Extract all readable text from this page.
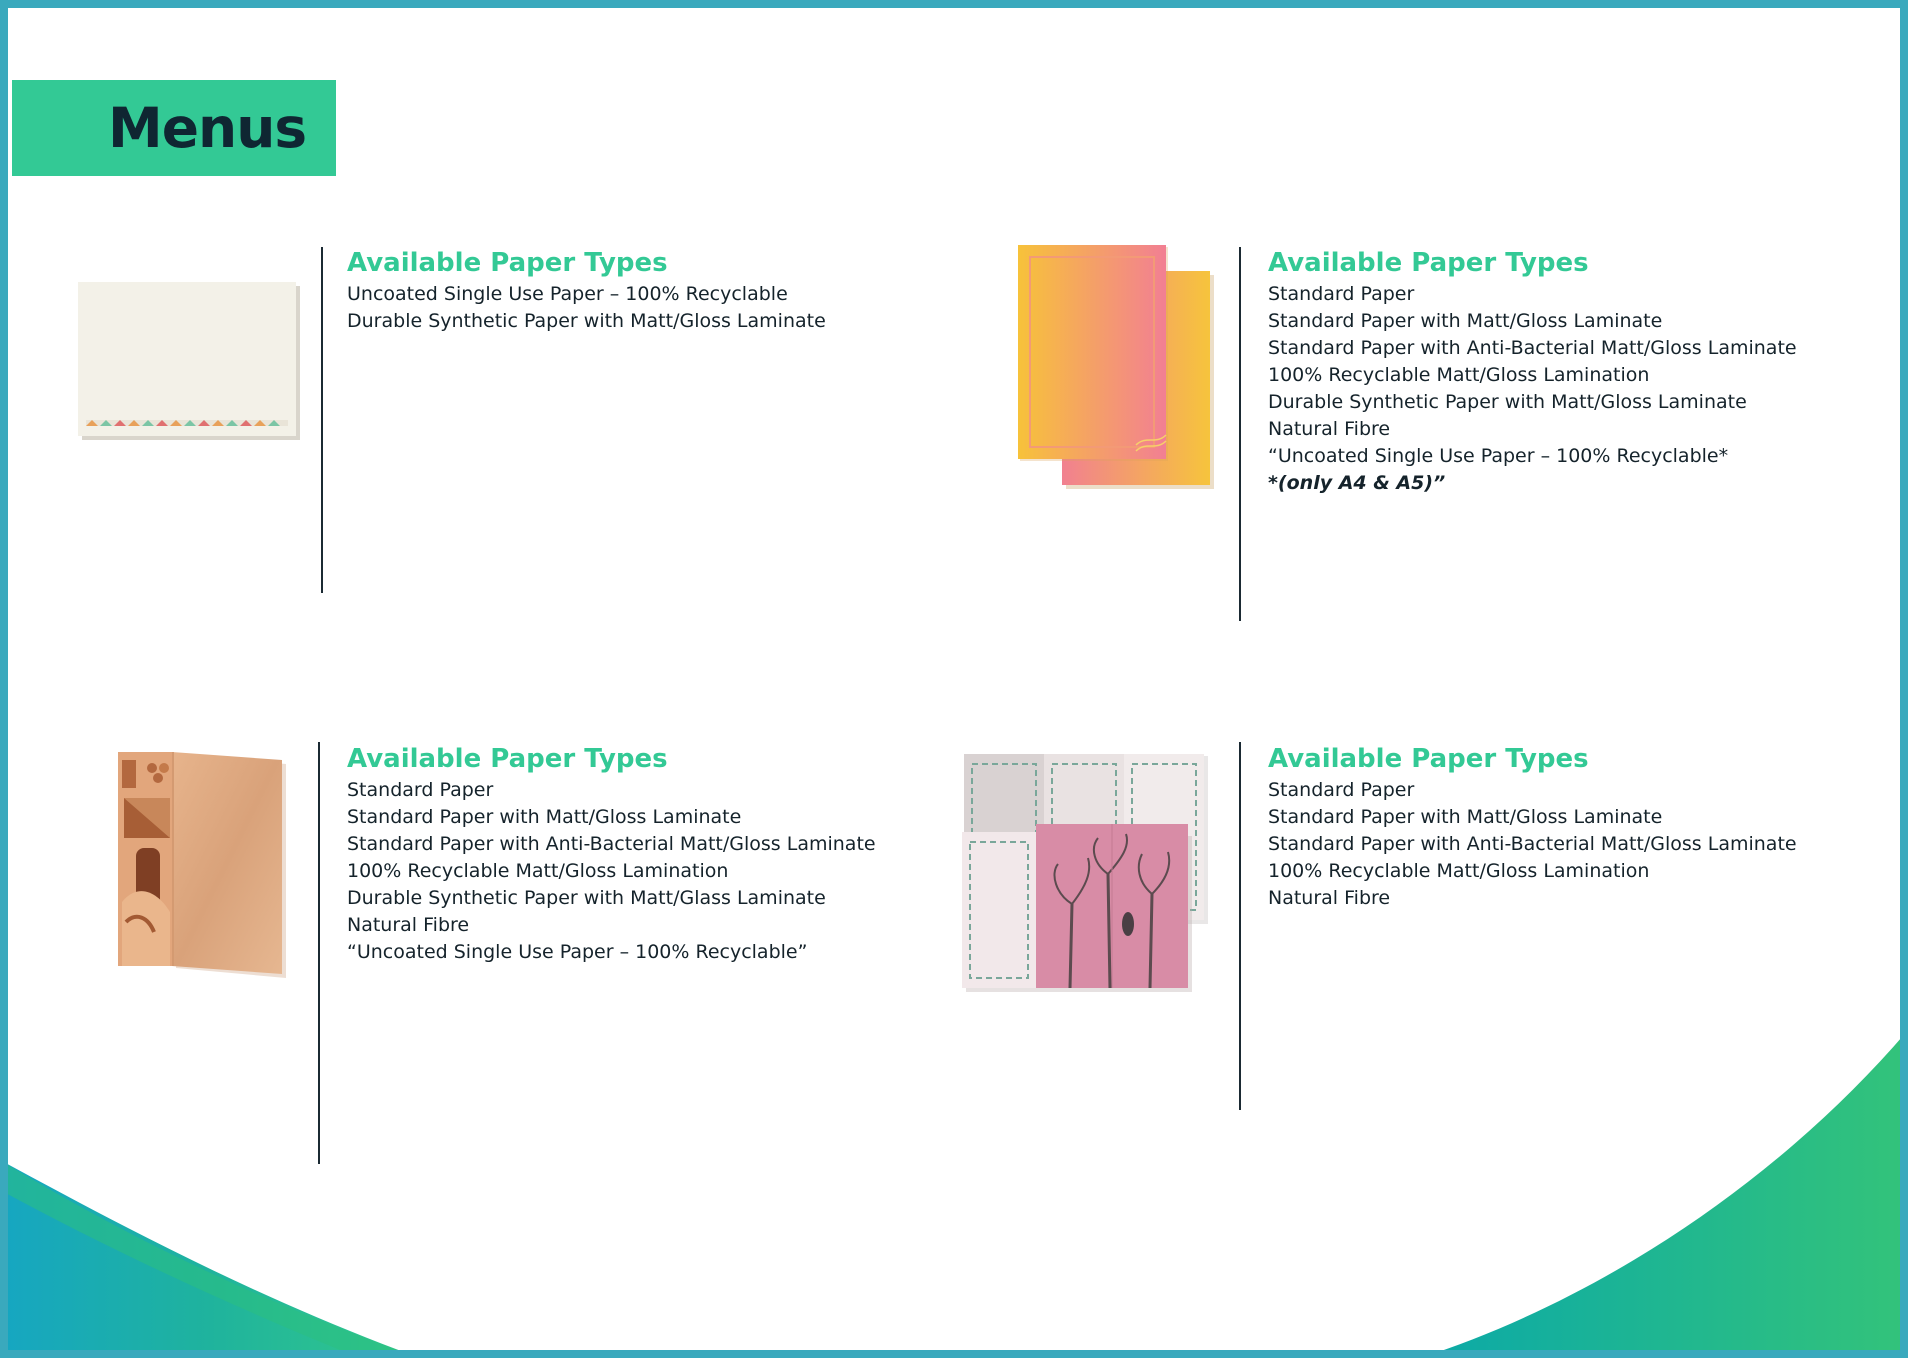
Menus
Available Paper Types
Uncoated Single Use Paper – 100% Recyclable
Durable Synthetic Paper with Matt/Gloss Laminate
Available Paper Types
Standard Paper
Standard Paper with Matt/Gloss Laminate
Standard Paper with Anti-Bacterial Matt/Gloss Laminate
100% Recyclable Matt/Gloss Lamination
Durable Synthetic Paper with Matt/Gloss Laminate
Natural Fibre
“Uncoated Single Use Paper – 100% Recyclable*
*(only A4 & A5)”
Available Paper Types
Standard Paper
Standard Paper with Matt/Gloss Laminate
Standard Paper with Anti-Bacterial Matt/Gloss Laminate
100% Recyclable Matt/Gloss Lamination
Durable Synthetic Paper with Matt/Glass Laminate
Natural Fibre
“Uncoated Single Use Paper – 100% Recyclable”
Available Paper Types
Standard Paper
Standard Paper with Matt/Gloss Laminate
Standard Paper with Anti-Bacterial Matt/Gloss Laminate
100% Recyclable Matt/Gloss Lamination
Natural Fibre
